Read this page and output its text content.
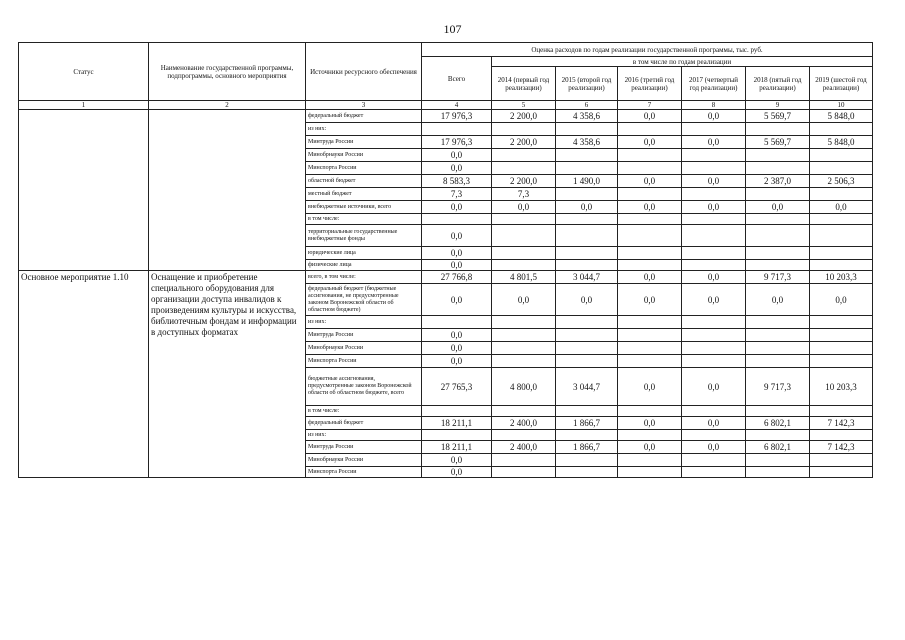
107
Статус	Наименование государственной программы, подпрограммы, основного мероприятия	Источники ресурсного обеспечения	Оценка расходов по годам реализации государственной программы, тыс. руб.						
			Всего	в том числе по годам реализации					
				2014 (первый год реализации)	2015 (второй год реализации)	2016 (третий год реализации)	2017 (четвертый год реализации)	2018 (пятый год реализации)	2019 (шестой год реализации)
1	2	3	4	5	6	7	8	9	10
		федеральный бюджет	17 976,3	2 200,0	4 358,6	0,0	0,0	5 569,7	5 848,0
		из них:							
		Минтруда России	17 976,3	2 200,0	4 358,6	0,0	0,0	5 569,7	5 848,0
		Минобрнауки России	0,0						
		Минспорта России	0,0						
		областной бюджет	8 583,3	2 200,0	1 490,0	0,0	0,0	2 387,0	2 506,3
		местный бюджет	7,3	7,3					
		внебюджетные источники, всего	0,0	0,0	0,0	0,0	0,0	0,0	0,0
		в том числе:							
		территориальные государственные внебюджетные фонды	0,0						
		юридические лица	0,0						
		физические лица	0,0						
Основное мероприятие 1.10	Оснащение и приобретение специального оборудования для организации доступа инвалидов к произведениям культуры и искусства, библиотечным фондам и информации в доступных форматах	всего, в том числе:	27 766,8	4 801,5	3 044,7	0,0	0,0	9 717,3	10 203,3
		федеральный бюджет (бюджетные ассигнования, не предусмотренные законом Воронежской области об областном бюджете)	0,0	0,0	0,0	0,0	0,0	0,0	0,0
		из них:							
		Минтруда России	0,0						
		Минобрнауки России	0,0						
		Минспорта России	0,0						
		бюджетные ассигнования, предусмотренные законом Воронежской области об областном бюджете, всего	27 765,3	4 800,0	3 044,7	0,0	0,0	9 717,3	10 203,3
		в том числе:							
		федеральный бюджет	18 211,1	2 400,0	1 866,7	0,0	0,0	6 802,1	7 142,3
		из них:							
		Минтруда России	18 211,1	2 400,0	1 866,7	0,0	0,0	6 802,1	7 142,3
		Минобрнауки России	0,0						
		Минспорта России	0,0						
